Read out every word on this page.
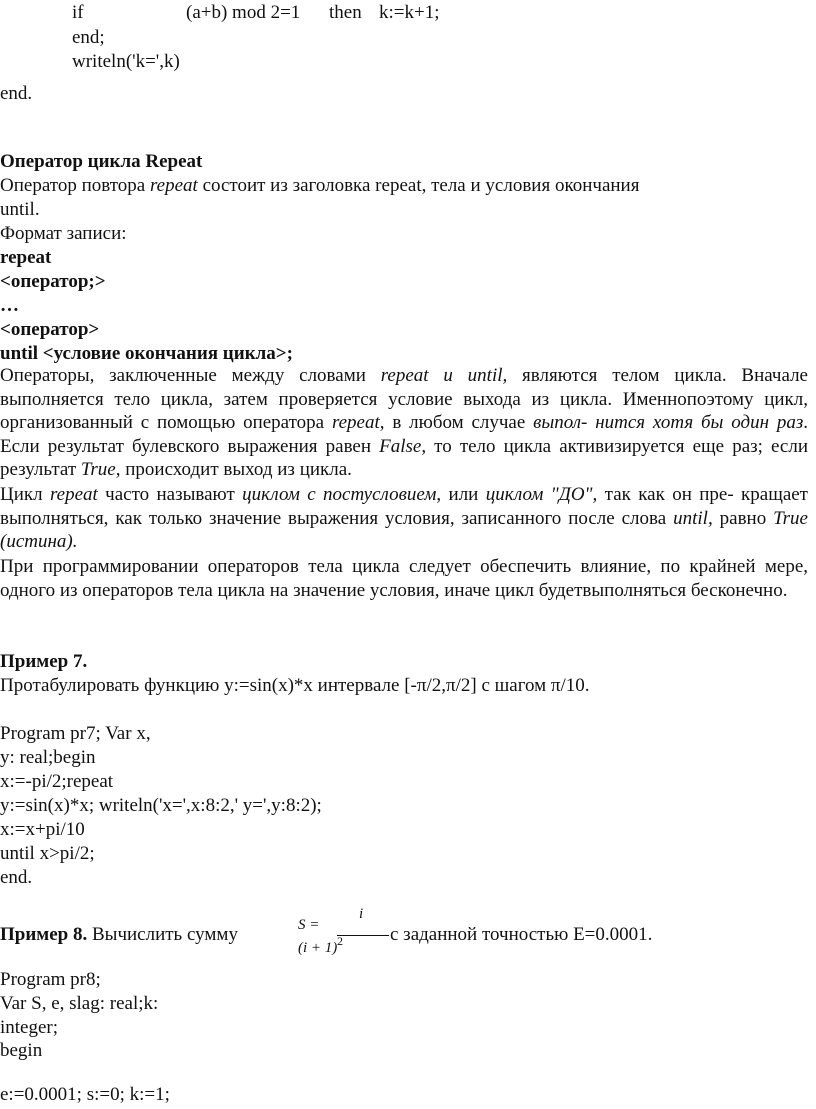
if	(a+b) mod 2=1 then k:=k+1;
end;
writeln('k=',k)
end.
Оператор цикла Repeat
Оператор повтора repeat состоит из заголовка repeat, тела и условия окончания
until.
Формат записи:
repeat
<оператор;>
…
<оператор>
until <условие окончания цикла>;

Операторы, заключенные между словами repeat и until, являются телом цикла. Вначале выполняется тело цикла, затем проверяется условие выхода из цикла. Именнопоэтому цикл, организованный с помощью оператора repeat, в любом случае выпол- нится хотя бы один раз. Если результат булевского выражения равен False, то тело цикла активизируется еще раз; если результат True, происходит выход из цикла.

Цикл repeat часто называют циклом с постусловием, или циклом "ДО", так как он пре- кращает выполняться, как только значение выражения условия, записанного после слова until, равно True (истина).

При программировании операторов тела цикла следует обеспечить влияние, по крайней мере, одного из операторов тела цикла на значение условия, иначе цикл будетвыполняться бесконечно.

Пример 7.
Протабулировать функцию y:=sin(x)*x интервале [-π/2,π/2] с шагом π/10.
Program pr7; Var x,
y: real;begin
x:=-pi/2;repeat
y:=sin(x)*x; writeln('x=',x:8:2,' y=',y:8:2);
x:=x+pi/10
until x>pi/2;
end.
Пример 8. Вычислить сумму	S =
i
(i + 1) 2 с заданной точностью E=0.0001.
Program pr8;
Var S, e, slag: real;k:
integer;
begin
e:=0.0001; s:=0; k:=1;
